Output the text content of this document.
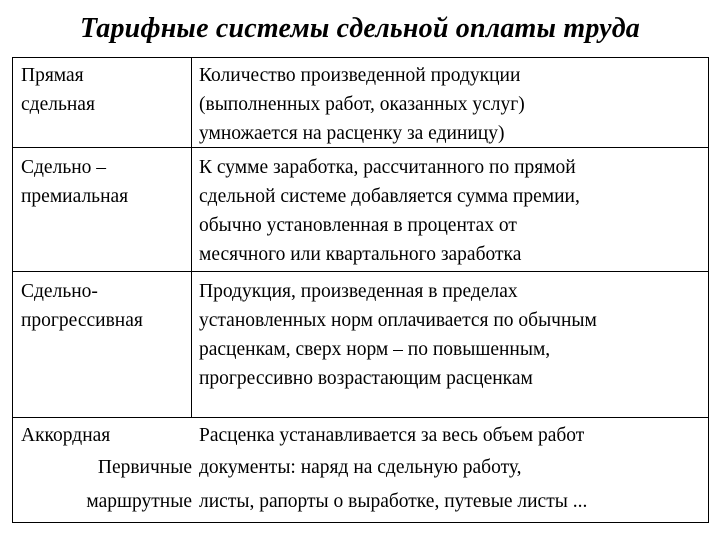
Тарифные системы сдельной оплаты труда
Прямая
сдельная
Количество произведенной продукции
(выполненных работ, оказанных услуг)
умножается на расценку за единицу)
Сдельно –
премиальная
К сумме заработка, рассчитанного по прямой
сдельной системе добавляется сумма премии,
обычно установленная в процентах от
месячного или квартального заработка
Сдельно-
прогрессивная
Продукция, произведенная в пределах
установленных норм оплачивается по обычным
расценкам, сверх норм – по повышенным,
прогрессивно возрастающим расценкам
Аккордная	Расценка устанавливается за весь объем работ
Первичные документы: наряд на сдельную работу,
маршрутные листы, рапорты о выработке, путевые листы ...
